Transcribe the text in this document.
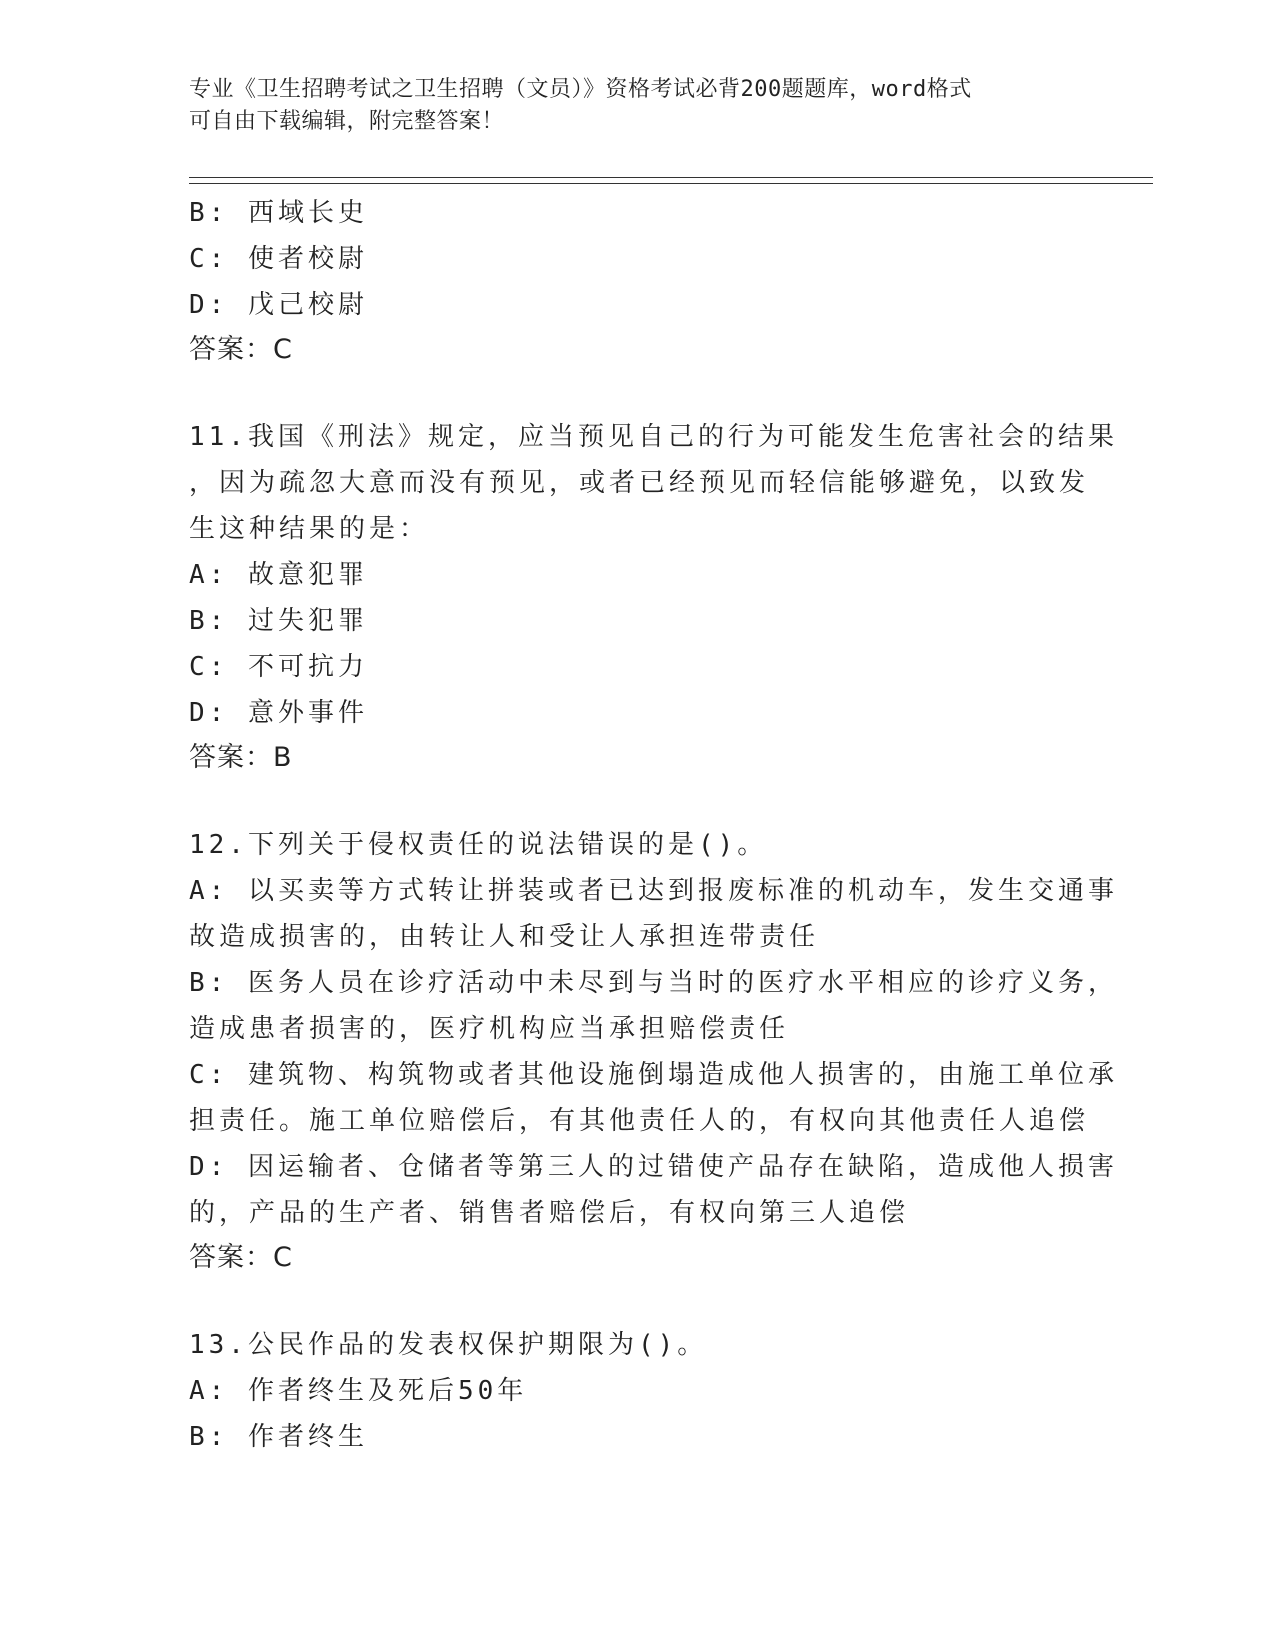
专业《卫生招聘考试之卫生招聘（文员）》资格考试必背200题题库，word格式
可自由下载编辑，附完整答案！
B: 西域长史
C: 使者校尉
D: 戊己校尉
答案：C
11.我国《刑法》规定，应当预见自己的行为可能发生危害社会的结果
，因为疏忽大意而没有预见，或者已经预见而轻信能够避免，以致发
生这种结果的是：
A: 故意犯罪
B: 过失犯罪
C: 不可抗力
D: 意外事件
答案：B
12.下列关于侵权责任的说法错误的是()。
A: 以买卖等方式转让拼装或者已达到报废标准的机动车，发生交通事
故造成损害的，由转让人和受让人承担连带责任
B: 医务人员在诊疗活动中未尽到与当时的医疗水平相应的诊疗义务，
造成患者损害的，医疗机构应当承担赔偿责任
C: 建筑物、构筑物或者其他设施倒塌造成他人损害的，由施工单位承
担责任。施工单位赔偿后，有其他责任人的，有权向其他责任人追偿
D: 因运输者、仓储者等第三人的过错使产品存在缺陷，造成他人损害
的，产品的生产者、销售者赔偿后，有权向第三人追偿
答案：C
13.公民作品的发表权保护期限为()。
A: 作者终生及死后50年
B: 作者终生
